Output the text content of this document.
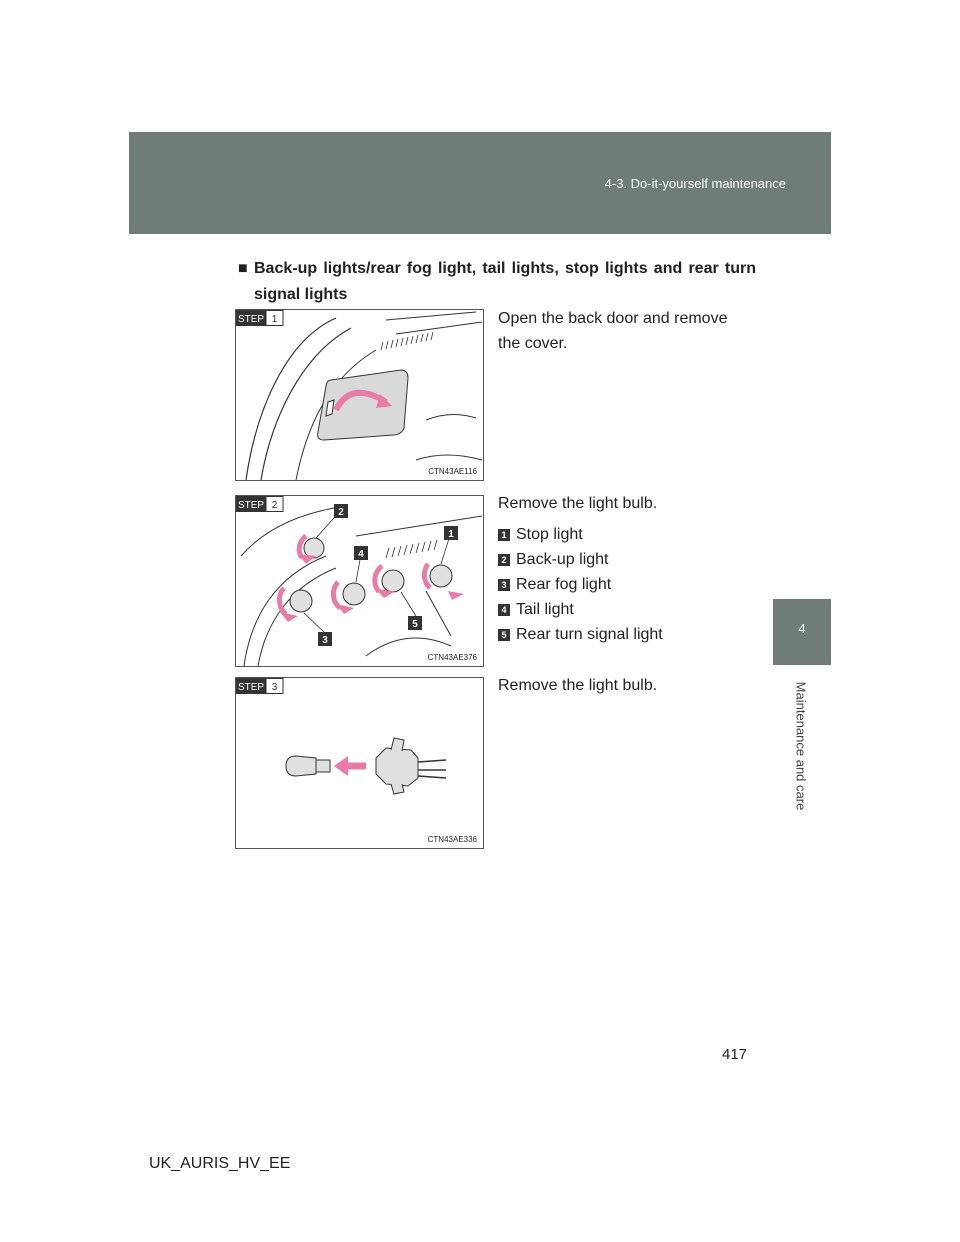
4-3. Do-it-yourself maintenance
4
Maintenance and care
■ Back-up lights/rear fog light, tail lights, stop lights and rear turn signal lights
STEP 1
CTN43AE116
2
1
4
5
3
STEP 2
CTN43AE376
STEP 3
CTN43AE336
Open the back door and remove the cover.
Remove the light bulb.
1 Stop light
2 Back-up light
3 Rear fog light
4 Tail light
5 Rear turn signal light
Remove the light bulb.
417
UK_AURIS_HV_EE
